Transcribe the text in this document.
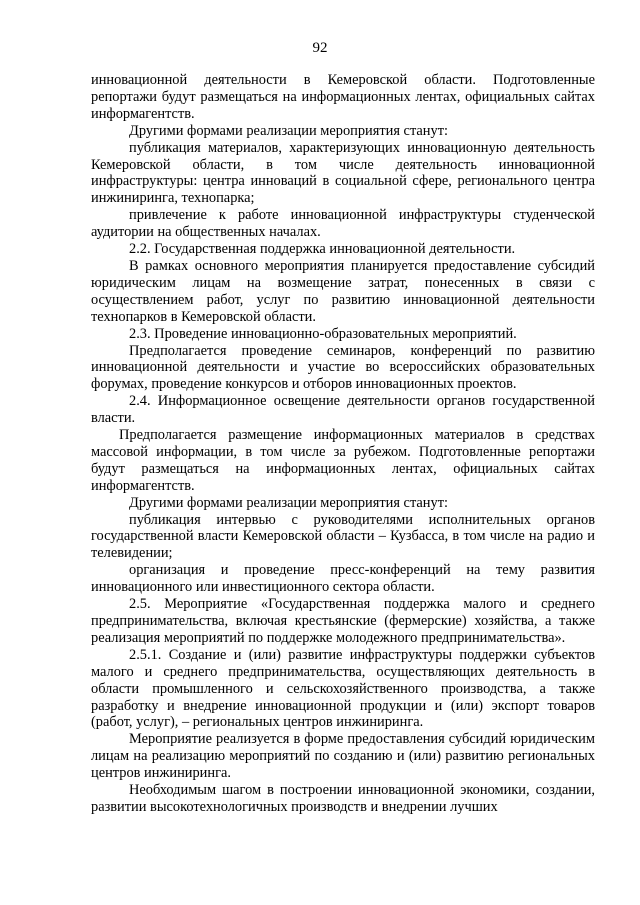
92

инновационной деятельности в Кемеровской области. Подготовленные репортажи будут размещаться на информационных лентах, официальных сайтах информагентств.

Другими формами реализации мероприятия станут:

публикация материалов, характеризующих инновационную деятельность Кемеровской области, в том числе деятельность инновационной инфраструктуры: центра инноваций в социальной сфере, регионального центра инжиниринга, технопарка;

привлечение к работе инновационной инфраструктуры студенческой аудитории на общественных началах.

2.2. Государственная поддержка инновационной деятельности.

В рамках основного мероприятия планируется предоставление субсидий юридическим лицам на возмещение затрат, понесенных в связи с осуществлением работ, услуг по развитию инновационной деятельности технопарков в Кемеровской области.

2.3. Проведение инновационно-образовательных мероприятий.

Предполагается проведение семинаров, конференций по развитию инновационной деятельности и участие во всероссийских образовательных форумах, проведение конкурсов и отборов инновационных проектов.

2.4. Информационное освещение деятельности органов государственной власти.

Предполагается размещение информационных материалов в средствах массовой информации, в том числе за рубежом. Подготовленные репортажи будут размещаться на информационных лентах, официальных сайтах информагентств.

Другими формами реализации мероприятия станут:

публикация интервью с руководителями исполнительных органов государственной власти Кемеровской области – Кузбасса, в том числе на радио и телевидении;

организация и проведение пресс-конференций на тему развития инновационного или инвестиционного сектора области.

2.5. Мероприятие «Государственная поддержка малого и среднего предпринимательства, включая крестьянские (фермерские) хозяйства, а также реализация мероприятий по поддержке молодежного предпринимательства».

2.5.1. Создание и (или) развитие инфраструктуры поддержки субъектов малого и среднего предпринимательства, осуществляющих деятельность в области промышленного и сельскохозяйственного производства, а также разработку и внедрение инновационной продукции и (или) экспорт товаров (работ, услуг), – региональных центров инжиниринга.

Мероприятие реализуется в форме предоставления субсидий юридическим лицам на реализацию мероприятий по созданию и (или) развитию региональных центров инжиниринга.

Необходимым шагом в построении инновационной экономики, создании, развитии высокотехнологичных производств и внедрении лучших
